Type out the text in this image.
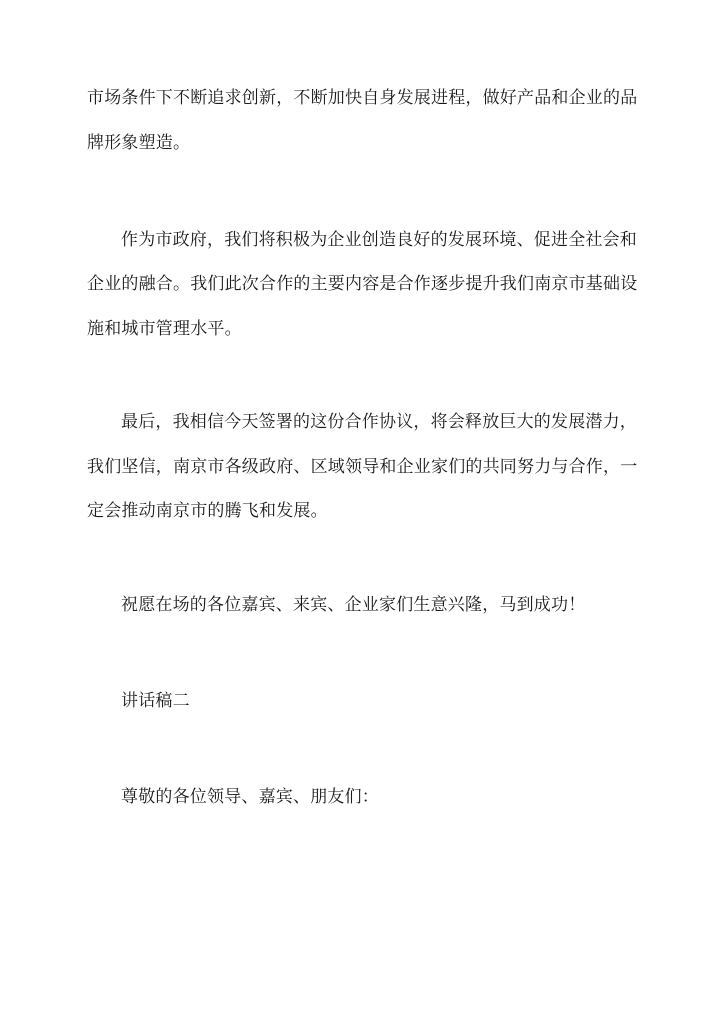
市场条件下不断追求创新，不断加快自身发展进程，做好产品和企业的品
牌形象塑造。
作为市政府，我们将积极为企业创造良好的发展环境、促进全社会和
企业的融合。我们此次合作的主要内容是合作逐步提升我们南京市基础设
施和城市管理水平。
最后，我相信今天签署的这份合作协议，将会释放巨大的发展潜力，
我们坚信，南京市各级政府、区域领导和企业家们的共同努力与合作，一
定会推动南京市的腾飞和发展。
祝愿在场的各位嘉宾、来宾、企业家们生意兴隆，马到成功！
讲话稿二
尊敬的各位领导、嘉宾、朋友们：
